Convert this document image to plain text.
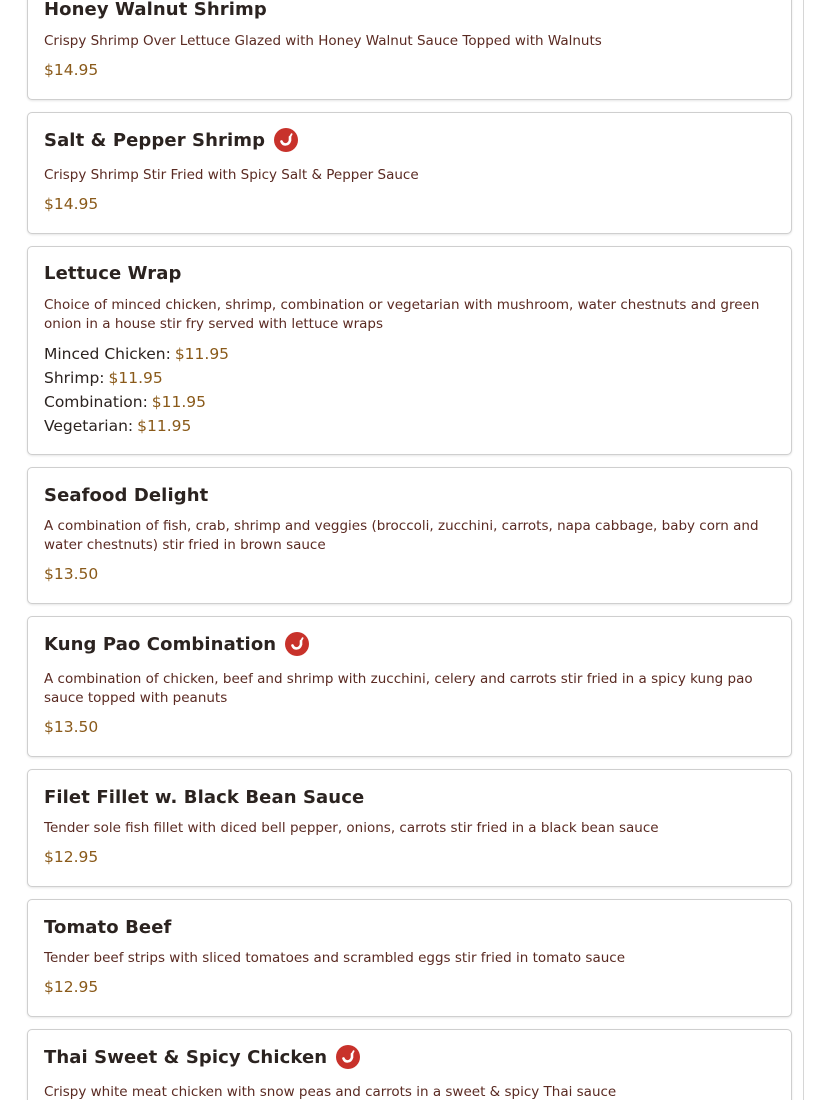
Honey Walnut Shrimp

Crispy Shrimp Over Lettuce Glazed with Honey Walnut Sauce Topped with Walnuts

$14.95
Salt & Pepper Shrimp

Crispy Shrimp Stir Fried with Spicy Salt & Pepper Sauce

$14.95
Lettuce Wrap

Choice of minced chicken, shrimp, combination or vegetarian with mushroom, water chestnuts and green onion in a house stir fry served with lettuce wraps

Minced Chicken: $11.95
Shrimp: $11.95
Combination: $11.95
Vegetarian: $11.95
Seafood Delight

A combination of fish, crab, shrimp and veggies (broccoli, zucchini, carrots, napa cabbage, baby corn and water chestnuts) stir fried in brown sauce

$13.50
Kung Pao Combination

A combination of chicken, beef and shrimp with zucchini, celery and carrots stir fried in a spicy kung pao sauce topped with peanuts

$13.50
Filet Fillet w. Black Bean Sauce

Tender sole fish fillet with diced bell pepper, onions, carrots stir fried in a black bean sauce

$12.95
Tomato Beef

Tender beef strips with sliced tomatoes and scrambled eggs stir fried in tomato sauce

$12.95
Thai Sweet & Spicy Chicken

Crispy white meat chicken with snow peas and carrots in a sweet & spicy Thai sauce
